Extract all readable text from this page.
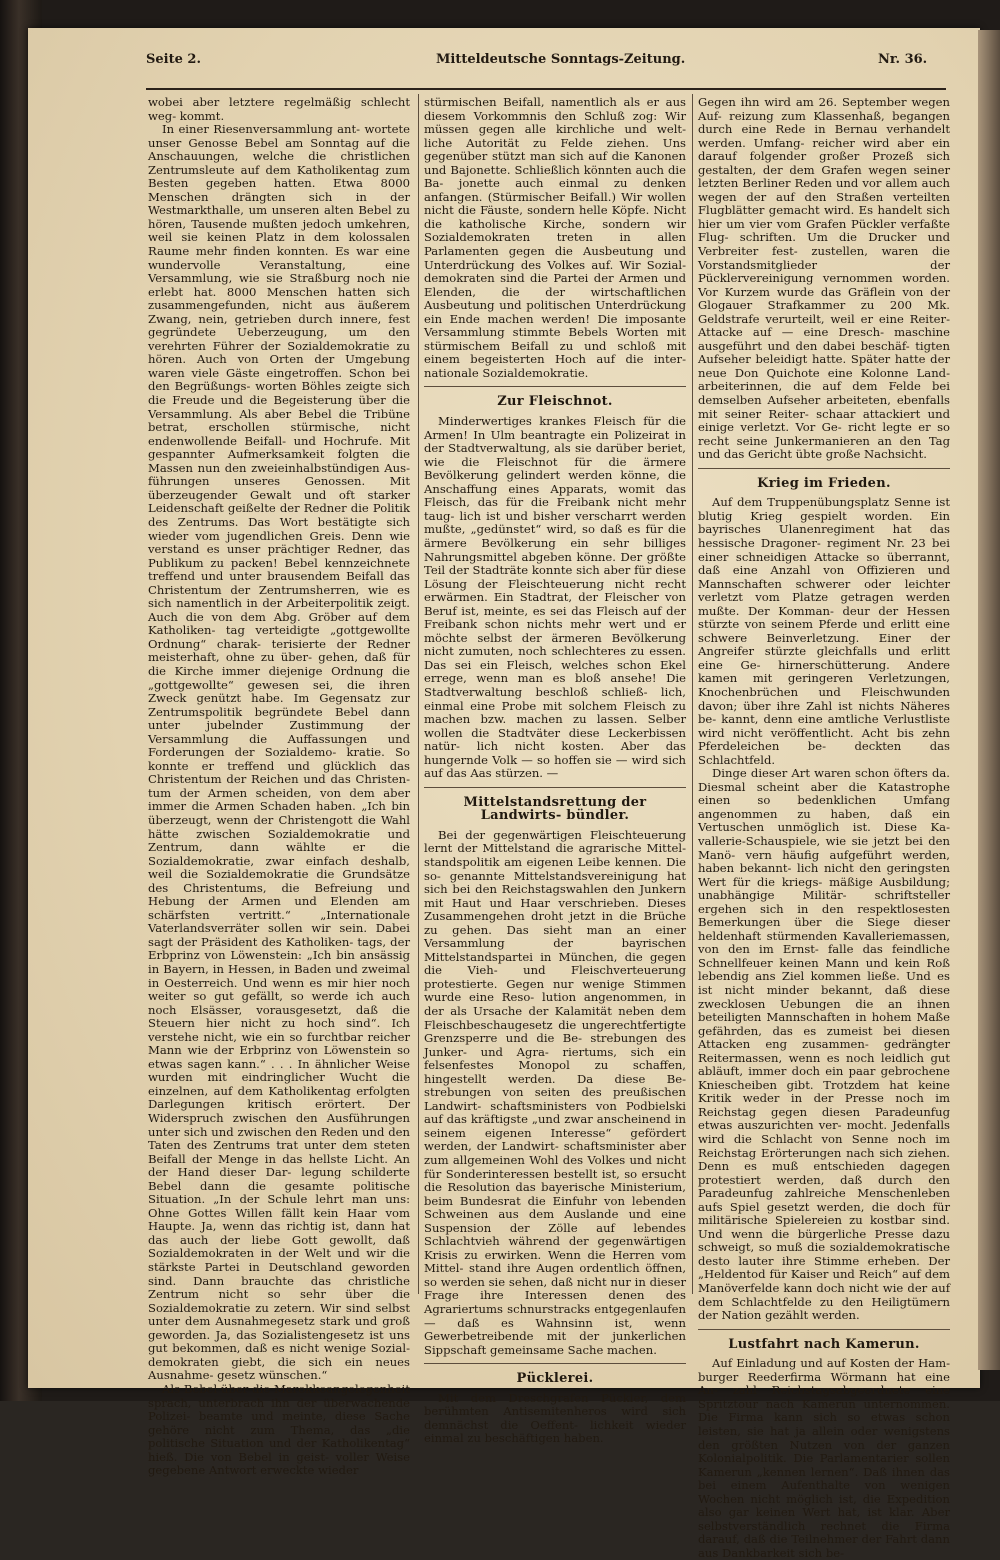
Seite 2.	Mitteldeutsche Sonntags-Zeitung.	Nr. 36.

wobei aber letztere regelmäßig schlecht weg- kommt.

In einer Riesenversammlung ant- wortete unser Genosse Bebel am Sonntag auf die Anschauungen, welche die christlichen Zentrumsleute auf dem Katholikentag zum Besten gegeben hatten. Etwa 8000 Menschen drängten sich in der Westmarkthalle, um unseren alten Bebel zu hören, Tausende mußten jedoch umkehren, weil sie keinen Platz in dem kolossalen Raume mehr finden konnten. Es war eine wundervolle Veranstaltung, eine Versammlung, wie sie Straßburg noch nie erlebt hat. 8000 Menschen hatten sich zusammengefunden, nicht aus äußerem Zwang, nein, getrieben durch innere, fest gegründete Ueberzeugung, um den verehrten Führer der Sozialdemokratie zu hören. Auch von Orten der Umgebung waren viele Gäste eingetroffen. Schon bei den Begrüßungs- worten Böhles zeigte sich die Freude und die Begeisterung über die Versammlung. Als aber Bebel die Tribüne betrat, erschollen stürmische, nicht endenwollende Beifall- und Hochrufe. Mit gespannter Aufmerksamkeit folgten die Massen nun den zweieinhalbstündigen Aus- führungen unseres Genossen. Mit überzeugender Gewalt und oft starker Leidenschaft geißelte der Redner die Politik des Zentrums. Das Wort bestätigte sich wieder vom jugendlichen Greis. Denn wie verstand es unser prächtiger Redner, das Publikum zu packen! Bebel kennzeichnete treffend und unter brausendem Beifall das Christentum der Zentrumsherren, wie es sich namentlich in der Arbeiterpolitik zeigt. Auch die von dem Abg. Gröber auf dem Katholiken- tag verteidigte „gottgewollte Ordnung“ charak- terisierte der Redner meisterhaft, ohne zu über- gehen, daß für die Kirche immer diejenige Ordnung die „gottgewollte“ gewesen sei, die ihren Zweck genützt habe. Im Gegensatz zur Zentrumspolitik begründete Bebel dann unter jubelnder Zustimmung der Versammlung die Auffassungen und Forderungen der Sozialdemo- kratie. So konnte er treffend und glücklich das Christentum der Reichen und das Christen- tum der Armen scheiden, von dem aber immer die Armen Schaden haben. „Ich bin überzeugt, wenn der Christengott die Wahl hätte zwischen Sozialdemokratie und Zentrum, dann wählte er die Sozialdemokratie, zwar einfach deshalb, weil die Sozialdemokratie die Grundsätze des Christentums, die Befreiung und Hebung der Armen und Elenden am schärfsten vertritt.“ „Internationale Vaterlandsverräter sollen wir sein. Dabei sagt der Präsident des Katholiken- tags, der Erbprinz von Löwenstein: „Ich bin ansässig in Bayern, in Hessen, in Baden und zweimal in Oesterreich. Und wenn es mir hier noch weiter so gut gefällt, so werde ich auch noch Elsässer, vorausgesetzt, daß die Steuern hier nicht zu hoch sind“. Ich verstehe nicht, wie ein so furchtbar reicher Mann wie der Erbprinz von Löwenstein so etwas sagen kann.“ . . . In ähnlicher Weise wurden mit eindringlicher Wucht die einzelnen, auf dem Katholikentag erfolgten Darlegungen kritisch erörtert. Der Widerspruch zwischen den Ausführungen unter sich und zwischen den Reden und den Taten des Zentrums trat unter dem steten Beifall der Menge in das hellste Licht. An der Hand dieser Dar- legung schilderte Bebel dann die gesamte politische Situation. „In der Schule lehrt man uns: Ohne Gottes Willen fällt kein Haar vom Haupte. Ja, wenn das richtig ist, dann hat das auch der liebe Gott gewollt, daß Sozialdemokraten in der Welt und wir die stärkste Partei in Deutschland geworden sind. Dann brauchte das christliche Zentrum nicht so sehr über die Sozialdemokratie zu zetern. Wir sind selbst unter dem Ausnahmegesetz stark und groß geworden. Ja, das Sozialistengesetz ist uns gut bekommen, daß es nicht wenige Sozial- demokraten giebt, die sich ein neues Ausnahme- gesetz wünschen.“

Als Bebel über die Marokkoangelegenheit sprach, unterbrach ihn der überwachende Polizei- beamte und meinte, diese Sache gehöre nicht zum Thema, das „die politische Situation und der Katholikentag“ hieß. Die von Bebel in geist- voller Weise gegebene Antwort erweckte wieder

stürmischen Beifall, namentlich als er aus diesem Vorkommnis den Schluß zog: Wir müssen gegen alle kirchliche und welt- liche Autorität zu Felde ziehen. Uns gegenüber stützt man sich auf die Kanonen und Bajonette. Schließlich könnten auch die Ba- jonette auch einmal zu denken anfangen. (Stürmischer Beifall.) Wir wollen nicht die Fäuste, sondern helle Köpfe. Nicht die katholische Kirche, sondern wir Sozialdemokraten treten in allen Parlamenten gegen die Ausbeutung und Unterdrückung des Volkes auf. Wir Sozial- demokraten sind die Partei der Armen und Elenden, die der wirtschaftlichen Ausbeutung und politischen Unterdrückung ein Ende machen werden! Die imposante Versammlung stimmte Bebels Worten mit stürmischem Beifall zu und schloß mit einem begeisterten Hoch auf die inter- nationale Sozialdemokratie.

Zur Fleischnot.

Minderwertiges krankes Fleisch für die Armen! In Ulm beantragte ein Polizeirat in der Stadtverwaltung, als sie darüber beriet, wie die Fleischnot für die ärmere Bevölkerung gelindert werden könne, die Anschaffung eines Apparats, womit das Fleisch, das für die Freibank nicht mehr taug- lich ist und bisher verscharrt werden mußte, „gedünstet“ wird, so daß es für die ärmere Bevölkerung ein sehr billiges Nahrungsmittel abgeben könne. Der größte Teil der Stadträte konnte sich aber für diese Lösung der Fleischteuerung nicht recht erwärmen. Ein Stadtrat, der Fleischer von Beruf ist, meinte, es sei das Fleisch auf der Freibank schon nichts mehr wert und er möchte selbst der ärmeren Bevölkerung nicht zumuten, noch schlechteres zu essen. Das sei ein Fleisch, welches schon Ekel errege, wenn man es bloß ansehe! Die Stadtverwaltung beschloß schließ- lich, einmal eine Probe mit solchem Fleisch zu machen bzw. machen zu lassen. Selber wollen die Stadtväter diese Leckerbissen natür- lich nicht kosten. Aber das hungernde Volk — so hoffen sie — wird sich auf das Aas stürzen. —

Mittelstandsrettung der Landwirts- bündler.

Bei der gegenwärtigen Fleischteuerung lernt der Mittelstand die agrarische Mittel- standspolitik am eigenen Leibe kennen. Die so- genannte Mittelstandsvereinigung hat sich bei den Reichstagswahlen den Junkern mit Haut und Haar verschrieben. Dieses Zusammengehen droht jetzt in die Brüche zu gehen. Das sieht man an einer Versammlung der bayrischen Mittelstandspartei in München, die gegen die Vieh- und Fleischverteuerung protestierte. Gegen nur wenige Stimmen wurde eine Reso- lution angenommen, in der als Ursache der Kalamität neben dem Fleischbeschaugesetz die ungerechtfertigte Grenzsperre und die Be- strebungen des Junker- und Agra- riertums, sich ein felsenfestes Monopol zu schaffen, hingestellt werden. Da diese Be- strebungen von seiten des preußischen Landwirt- schaftsministers von Podbielski auf das kräftigste „und zwar anscheinend in seinem eigenen Interesse“ gefördert werden, der Landwirt- schaftsminister aber zum allgemeinen Wohl des Volkes und nicht für Sonderinteressen bestellt ist, so ersucht die Resolution das bayerische Ministerium, beim Bundesrat die Einfuhr von lebenden Schweinen aus dem Auslande und eine Suspension der Zölle auf lebendes Schlachtvieh während der gegenwärtigen Krisis zu erwirken. Wenn die Herren vom Mittel- stand ihre Augen ordentlich öffnen, so werden sie sehen, daß nicht nur in dieser Frage ihre Interessen denen des Agrariertums schnurstracks entgegenlaufen — daß es Wahnsinn ist, wenn Gewerbetreibende mit der junkerlichen Sippschaft gemeinsame Sache machen.

Pücklerei.

Mit dem Dreschgrafen Pückler, dem berühmten Antisemitenheros wird sich demnächst die Oeffent- lichkeit wieder einmal zu beschäftigen haben.

Gegen ihn wird am 26. September wegen Auf- reizung zum Klassenhaß, begangen durch eine Rede in Bernau verhandelt werden. Umfang- reicher wird aber ein darauf folgender großer Prozeß sich gestalten, der dem Grafen wegen seiner letzten Berliner Reden und vor allem auch wegen der auf den Straßen verteilten Flugblätter gemacht wird. Es handelt sich hier um vier vom Grafen Pückler verfaßte Flug- schriften. Um die Drucker und Verbreiter fest- zustellen, waren die Vorstandsmitglieder der Pücklervereinigung vernommen worden. Vor Kurzem wurde das Gräflein von der Glogauer Strafkammer zu 200 Mk. Geldstrafe verurteilt, weil er eine Reiter-Attacke auf — eine Dresch- maschine ausgeführt und den dabei beschäf- tigten Aufseher beleidigt hatte. Später hatte der neue Don Quichote eine Kolonne Land- arbeiterinnen, die auf dem Felde bei demselben Aufseher arbeiteten, ebenfalls mit seiner Reiter- schaar attackiert und einige verletzt. Vor Ge- richt legte er so recht seine Junkermanieren an den Tag und das Gericht übte große Nachsicht.

Krieg im Frieden.

Auf dem Truppenübungsplatz Senne ist blutig Krieg gespielt worden. Ein bayrisches Ulanenregiment hat das hessische Dragoner- regiment Nr. 23 bei einer schneidigen Attacke so überrannt, daß eine Anzahl von Offizieren und Mannschaften schwerer oder leichter verletzt vom Platze getragen werden mußte. Der Komman- deur der Hessen stürzte von seinem Pferde und erlitt eine schwere Beinverletzung. Einer der Angreifer stürzte gleichfalls und erlitt eine Ge- hirnerschütterung. Andere kamen mit geringeren Verletzungen, Knochenbrüchen und Fleischwunden davon; über ihre Zahl ist nichts Näheres be- kannt, denn eine amtliche Verlustliste wird nicht veröffentlicht. Acht bis zehn Pferdeleichen be- deckten das Schlachtfeld.

Dinge dieser Art waren schon öfters da. Diesmal scheint aber die Katastrophe einen so bedenklichen Umfang angenommen zu haben, daß ein Vertuschen unmöglich ist. Diese Ka- vallerie-Schauspiele, wie sie jetzt bei den Manö- vern häufig aufgeführt werden, haben bekannt- lich nicht den geringsten Wert für die kriegs- mäßige Ausbildung; unabhängige Militär- schriftsteller ergehen sich in den respektlosesten Bemerkungen über die Siege dieser heldenhaft stürmenden Kavalleriemassen, von den im Ernst- falle das feindliche Schnellfeuer keinen Mann und kein Roß lebendig ans Ziel kommen ließe. Und es ist nicht minder bekannt, daß diese zwecklosen Uebungen die an ihnen beteiligten Mannschaften in hohem Maße gefährden, das es zumeist bei diesen Attacken eng zusammen- gedrängter Reitermassen, wenn es noch leidlich gut abläuft, immer doch ein paar gebrochene Kniescheiben gibt. Trotzdem hat keine Kritik weder in der Presse noch im Reichstag gegen diesen Paradeunfug etwas auszurichten ver- mocht. Jedenfalls wird die Schlacht von Senne noch im Reichstag Erörterungen nach sich ziehen. Denn es muß entschieden dagegen protestiert werden, daß durch den Paradeunfug zahlreiche Menschenleben aufs Spiel gesetzt werden, die doch für militärische Spielereien zu kostbar sind. Und wenn die bürgerliche Presse dazu schweigt, so muß die sozialdemokratische desto lauter ihre Stimme erheben. Der „Heldentod für Kaiser und Reich“ auf dem Manöverfelde kann doch nicht wie der auf dem Schlachtfelde zu den Heiligtümern der Nation gezählt werden.

Lustfahrt nach Kamerun.

Auf Einladung und auf Kosten der Ham- burger Reederfirma Wörmann hat eine An- zahl Reichstagsabgeordnete eine Spritztour nach Kamerun unternommen. Die Firma kann sich so etwas schon leisten, sie hat ja allein oder wenigstens den größten Nutzen von der ganzen Kolonialpolitik. Die Parlamentarier sollen Kamerun „kennen lernen“. Daß ihnen das bei einem Aufenthalte von wenigen Wochen nicht möglich ist, die Expedition also gar keinen Wert hat, ist klar. Aber selbstverständlich rechnet die Firma darauf, daß die Teilnehmer der Fahrt dann aus Dankbarkeit sich be-
